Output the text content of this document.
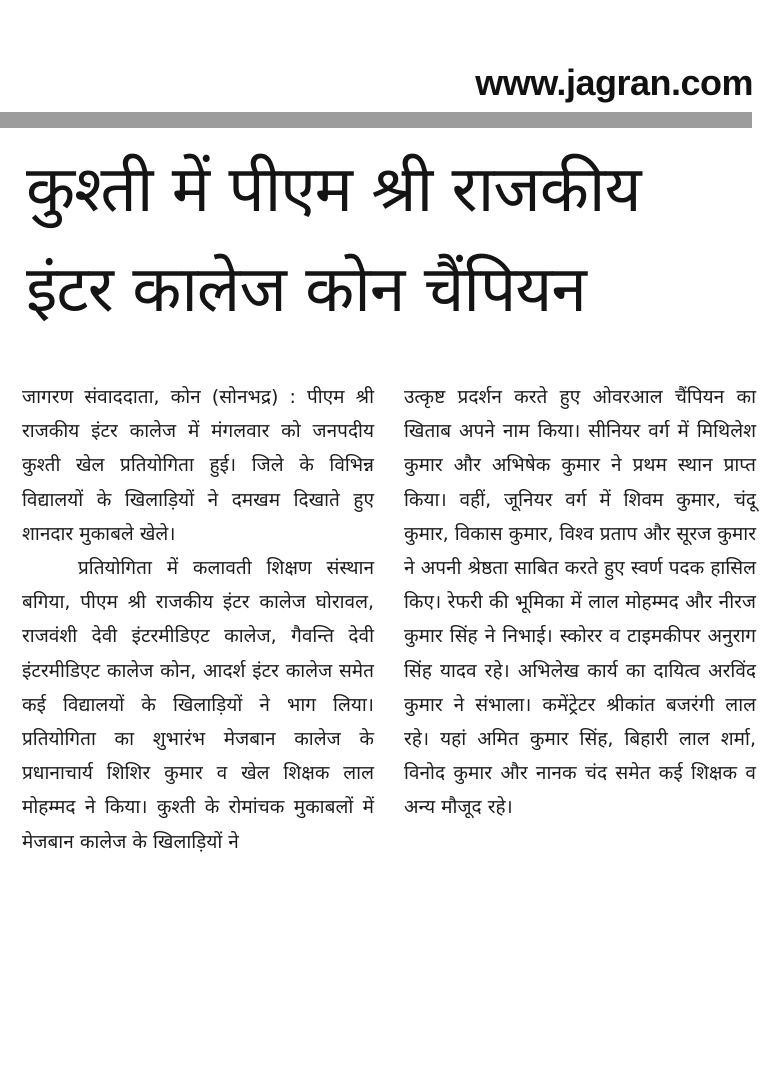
www.jagran.com
कुश्ती में पीएम श्री राजकीय
इंटर कालेज कोन चैंपियन

जागरण संवाददाता, कोन (सोनभद्र) : पीएम श्री राजकीय इंटर कालेज में मंगलवार को जनपदीय कुश्ती खेल प्रतियोगिता हुई। जिले के विभिन्न विद्यालयों के खिलाड़ियों ने दमखम दिखाते हुए शानदार मुकाबले खेले।

प्रतियोगिता में कलावती शिक्षण संस्थान बगिया, पीएम श्री राजकीय इंटर कालेज घोरावल, राजवंशी देवी इंटरमीडिएट कालेज, गैवन्ति देवी इंटरमीडिएट कालेज कोन, आदर्श इंटर कालेज समेत कई विद्यालयों के खिलाड़ियों ने भाग लिया। प्रतियोगिता का शुभारंभ मेजबान कालेज के प्रधानाचार्य शिशिर कुमार व खेल शिक्षक लाल मोहम्मद ने किया। कुश्ती के रोमांचक मुकाबलों में मेजबान कालेज के खिलाड़ियों ने

उत्कृष्ट प्रदर्शन करते हुए ओवरआल चैंपियन का खिताब अपने नाम किया। सीनियर वर्ग में मिथिलेश कुमार और अभिषेक कुमार ने प्रथम स्थान प्राप्त किया। वहीं, जूनियर वर्ग में शिवम कुमार, चंदू कुमार, विकास कुमार, विश्व प्रताप और सूरज कुमार ने अपनी श्रेष्ठता साबित करते हुए स्वर्ण पदक हासिल किए। रेफरी की भूमिका में लाल मोहम्मद और नीरज कुमार सिंह ने निभाई। स्कोरर व टाइमकीपर अनुराग सिंह यादव रहे। अभिलेख कार्य का दायित्व अरविंद कुमार ने संभाला। कमेंट्रेटर श्रीकांत बजरंगी लाल रहे। यहां अमित कुमार सिंह, बिहारी लाल शर्मा, विनोद कुमार और नानक चंद समेत कई शिक्षक व अन्य मौजूद रहे।
